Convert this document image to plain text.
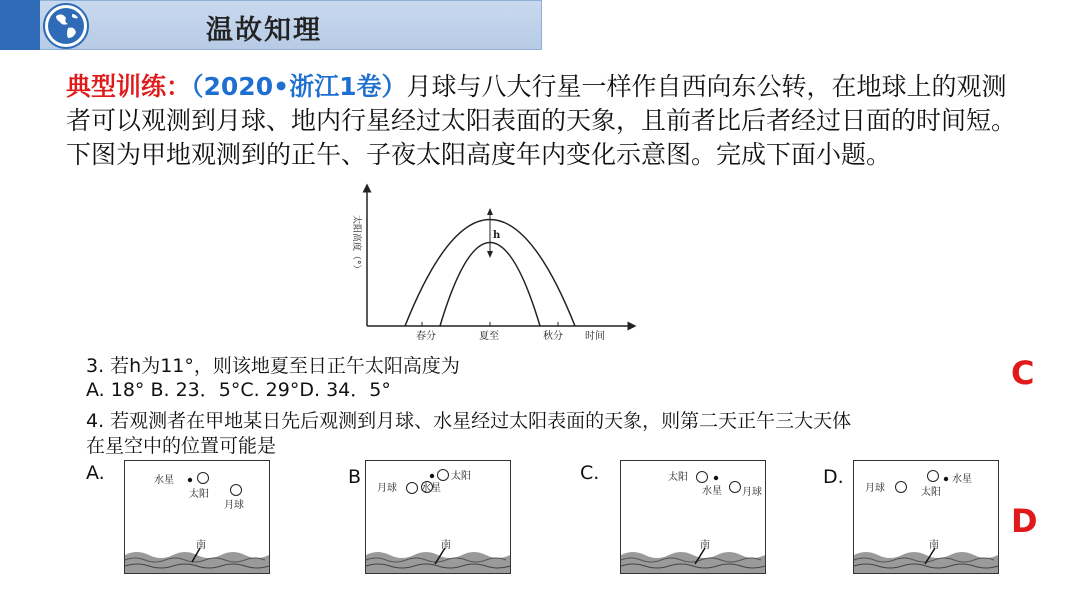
温故知理

典型训练：（2020•浙江1卷）月球与八大行星一样作自西向东公转，在地球上的观测者可以观测到月球、地内行星经过太阳表面的天象，且前者比后者经过日面的时间短。下图为甲地观测到的正午、子夜太阳高度年内变化示意图。完成下面小题。

太阳高度（°）	h
春分	夏至	秋分 时间

3. 若h为11°，则该地夏至日正午太阳高度为

A. 18° B. 23．5°C. 29°D. 34．5°	C

4. 若观测者在甲地某日先后观测到月球、水星经过太阳表面的天象，则第二天正午三大天体

在星空中的位置可能是

D
A.	B	C.	D.
南
水星
太阳
月球
南
月球
太阳
水星
南
太阳
水星 月球
南
月球	太阳
水星
